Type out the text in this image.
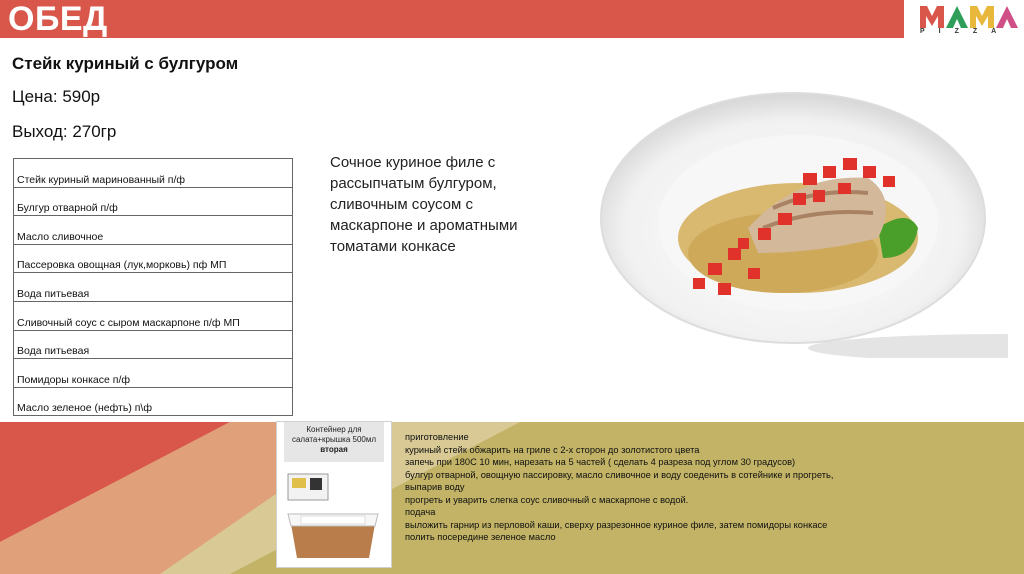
ОБЕД	PIZZA
Стейк куриный с булгуром
Цена: 590р
Выход: 270гр
Стейк куриный маринованный п/ф
Булгур отварной п/ф
Масло сливочное
Пассеровка овощная (лук,морковь) пф МП
Вода питьевая
Сливочный соус с сыром маскарпоне п/ф МП
Вода питьевая
Помидоры конкасе п/ф
Масло зеленое (нефть) п\ф
Сочное куриное филе с рассыпчатым булгуром, сливочным соусом с маскарпоне и ароматными томатами конкасе
Контейнер для салата+крышка 500мл
вторая
приготовление
куриный стейк обжарить на гриле с 2-х сторон до золотистого цвета
запечь при 180С 10 мин, нарезать на 5 частей ( сделать 4 разреза под углом 30 градусов)
булгур отварной, овощную пассировку, масло сливочное и воду соеденить в сотейнике и прогреть,
выпарив воду
прогреть и уварить слегка соус сливочный с маскарпоне с водой.
подача
выложить гарнир из перловой каши, сверху разрезонное куриное филе, затем помидоры конкасе
полить посередине зеленое масло
